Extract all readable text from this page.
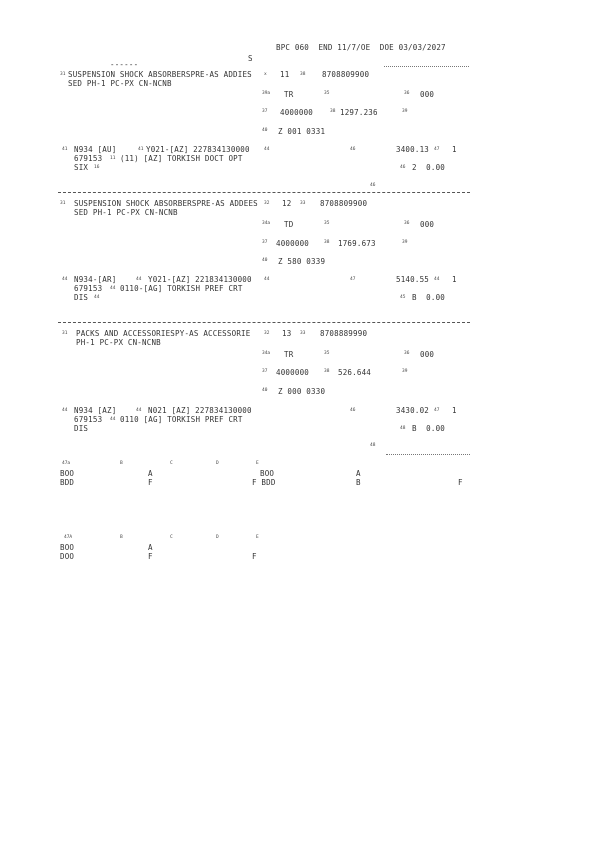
BPC 060  END 11/7/OE  DOE 03/03/2027
S
------
31 SUSPENSION SHOCK ABSORBERSPRE-AS ADDIES
SED PH-1 PC-PX CN-NCNB
x 11 38 8708809900
39a TR	35	36 000
37 4000000	38 1297.236	39
40 Z 001 0331
41 N934 [AU]	41 Y021-[AZ] 227834130000	44
679153 11 (11) [AZ] TORKISH DOCT OPT
SIX 16
46	3400.13 47 1
46 2  0.00
46
31 SUSPENSION SHOCK ABSORBERSPRE-AS ADDEES
SED PH-1 PC-PX CN-NCNB
32 12 33 8708809900
34a TD	35	36 000
37 4000000	38 1769.673	39
40 Z 580 0339
44 N934-[AR]	44 Y021-[AZ] 221834130000	44
679153 44 0110-[AG] TORKISH PREF CRT
DIS 44
47	5140.55 44 1
45 B  0.00
31 PACKS AND ACCESSORIESPY-AS ACCESSORIE
PH-1 PC-PX CN-NCNB
32 13 33 8708889990
34a TR	35	36 000
37 4000000	38 526.644	39
40 Z 000 0330
44 N934 [AZ]	44 N021 [AZ] 227834130000
679153 44 0110 [AG] TORKISH PREF CRT
DIS
46	3430.02 47 1
48 B  0.00
48
47a	B	C	D	E
BOO	A	BOO	A
BDD	F	F BDD	B	F
47A	B	C	D	E
BOO	A
DOO	F	F
